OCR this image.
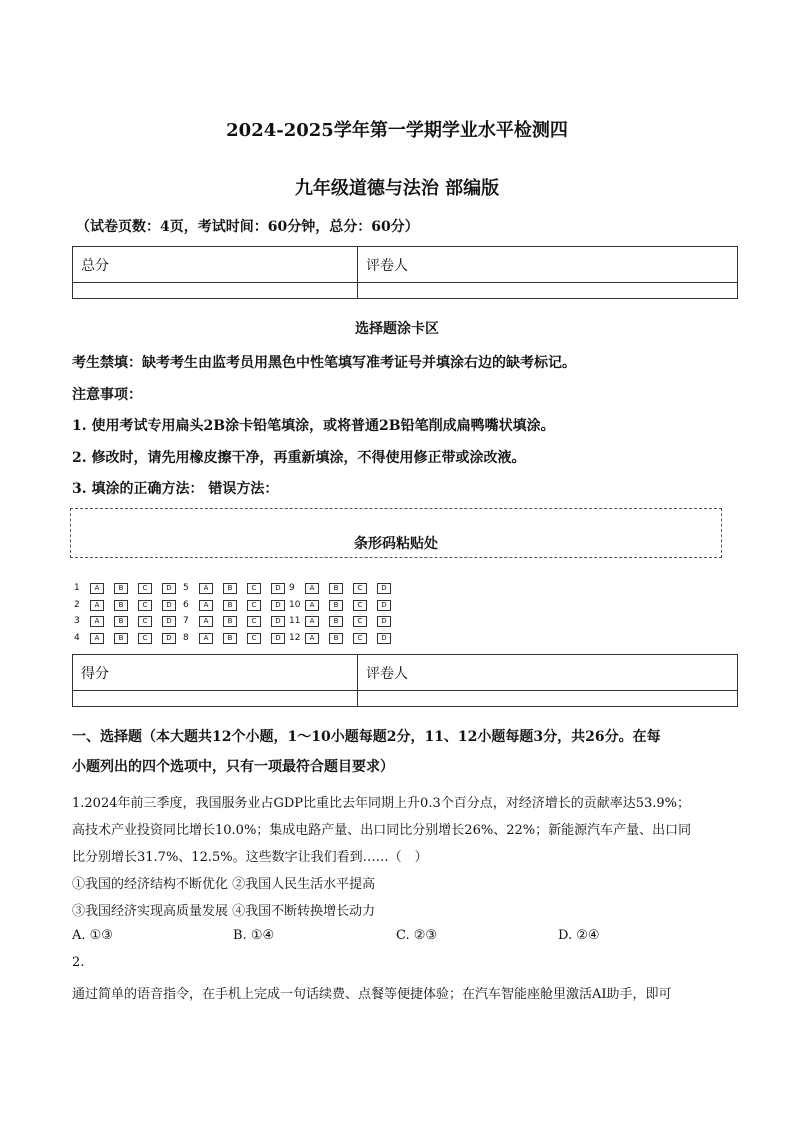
2024-2025学年第一学期学业水平检测四
九年级道德与法治 部编版
（试卷页数：4页，考试时间：60分钟，总分：60分）
总分	评卷人

选择题涂卡区
考生禁填：缺考考生由监考员用黑色中性笔填写准考证号并填涂右边的缺考标记。
注意事项：
1. 使用考试专用扁头2B涂卡铅笔填涂，或将普通2B铅笔削成扁鸭嘴状填涂。
2. 修改时，请先用橡皮擦干净，再重新填涂，不得使用修正带或涂改液。
3. 填涂的正确方法： 错误方法：
条形码粘贴处
1	A	B	C	D	5	A	B	C	D 9	A	B	C	D
2	A	B	C	D	6	A	B	C	D 10	A	B	C	D
3	A	B	C	D	7	A	B	C	D 11	A	B	C	D
4	A	B	C	D	8	A	B	C	D 12	A	B	C	D
得分	评卷人

一、选择题（本大题共12个小题，1～10小题每题2分，11、12小题每题3分，共26分。在每
小题列出的四个选项中，只有一项最符合题目要求）
1.2024年前三季度，我国服务业占GDP比重比去年同期上升0.3个百分点，对经济增长的贡献率达53.9%；
高技术产业投资同比增长10.0%；集成电路产量、出口同比分别增长26%、22%；新能源汽车产量、出口同
比分别增长31.7%、12.5%。这些数字让我们看到……（　）
①我国的经济结构不断优化 ②我国人民生活水平提高
③我国经济实现高质量发展 ④我国不断转换增长动力
A. ①③	B. ①④	C. ②③	D. ②④
2.
通过简单的语音指令，在手机上完成一句话续费、点餐等便捷体验；在汽车智能座舱里激活AI助手，即可
